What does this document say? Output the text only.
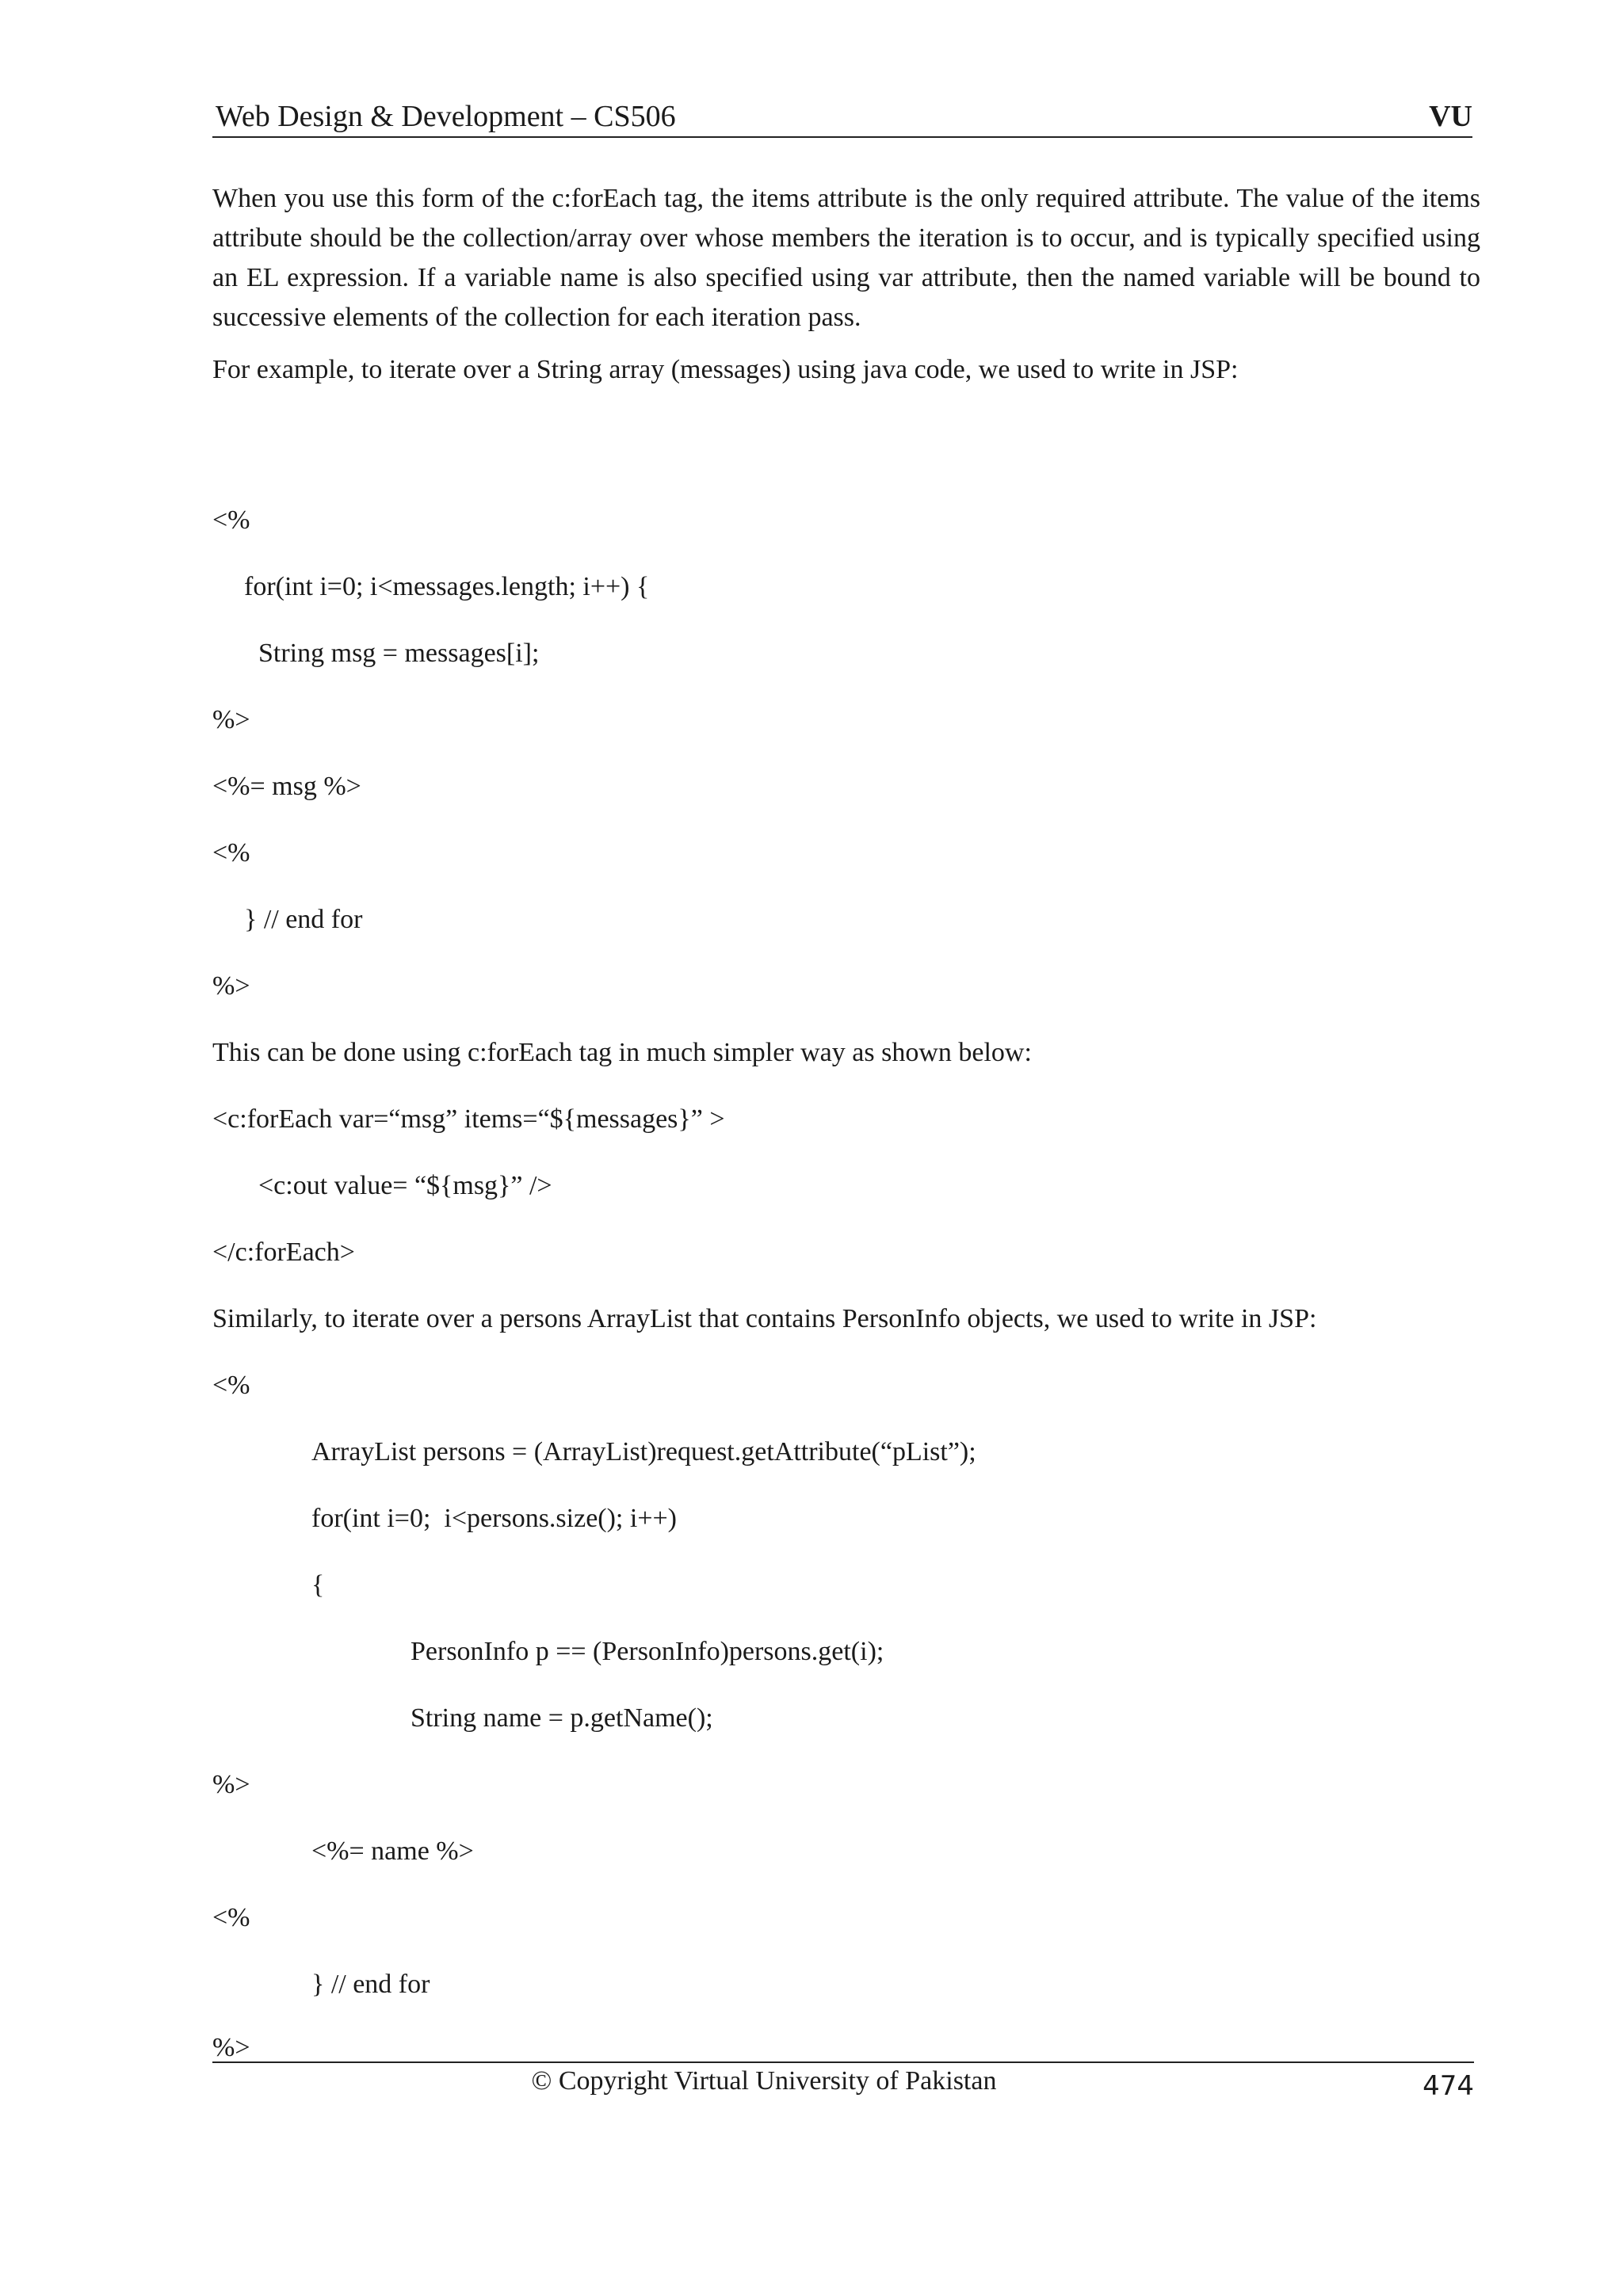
Web Design & Development – CS506	VU

When you use this form of the c:forEach tag, the items attribute is the only required attribute. The value of the items attribute should be the collection/array over whose members the iteration is to occur, and is typically specified using an EL expression. If a variable name is also specified using var attribute, then the named variable will be bound to successive elements of the collection for each iteration pass.

For example, to iterate over a String array (messages) using java code, we used to write in JSP:

<%
for(int i=0; i<messages.length; i++) {
String msg = messages[i];
%>
<%= msg %>
<%
} // end for
%>
This can be done using c:forEach tag in much simpler way as shown below:
<c:forEach var=“msg” items=“${messages}” >
<c:out value= “${msg}” />
</c:forEach>
Similarly, to iterate over a persons ArrayList that contains PersonInfo objects, we used to write in JSP:
<%
ArrayList persons = (ArrayList)request.getAttribute(“pList”);
for(int i=0;  i<persons.size(); i++)
{
PersonInfo p == (PersonInfo)persons.get(i);
String name = p.getName();
%>
<%= name %>
<%
} // end for
%>
© Copyright Virtual University of Pakistan	474
